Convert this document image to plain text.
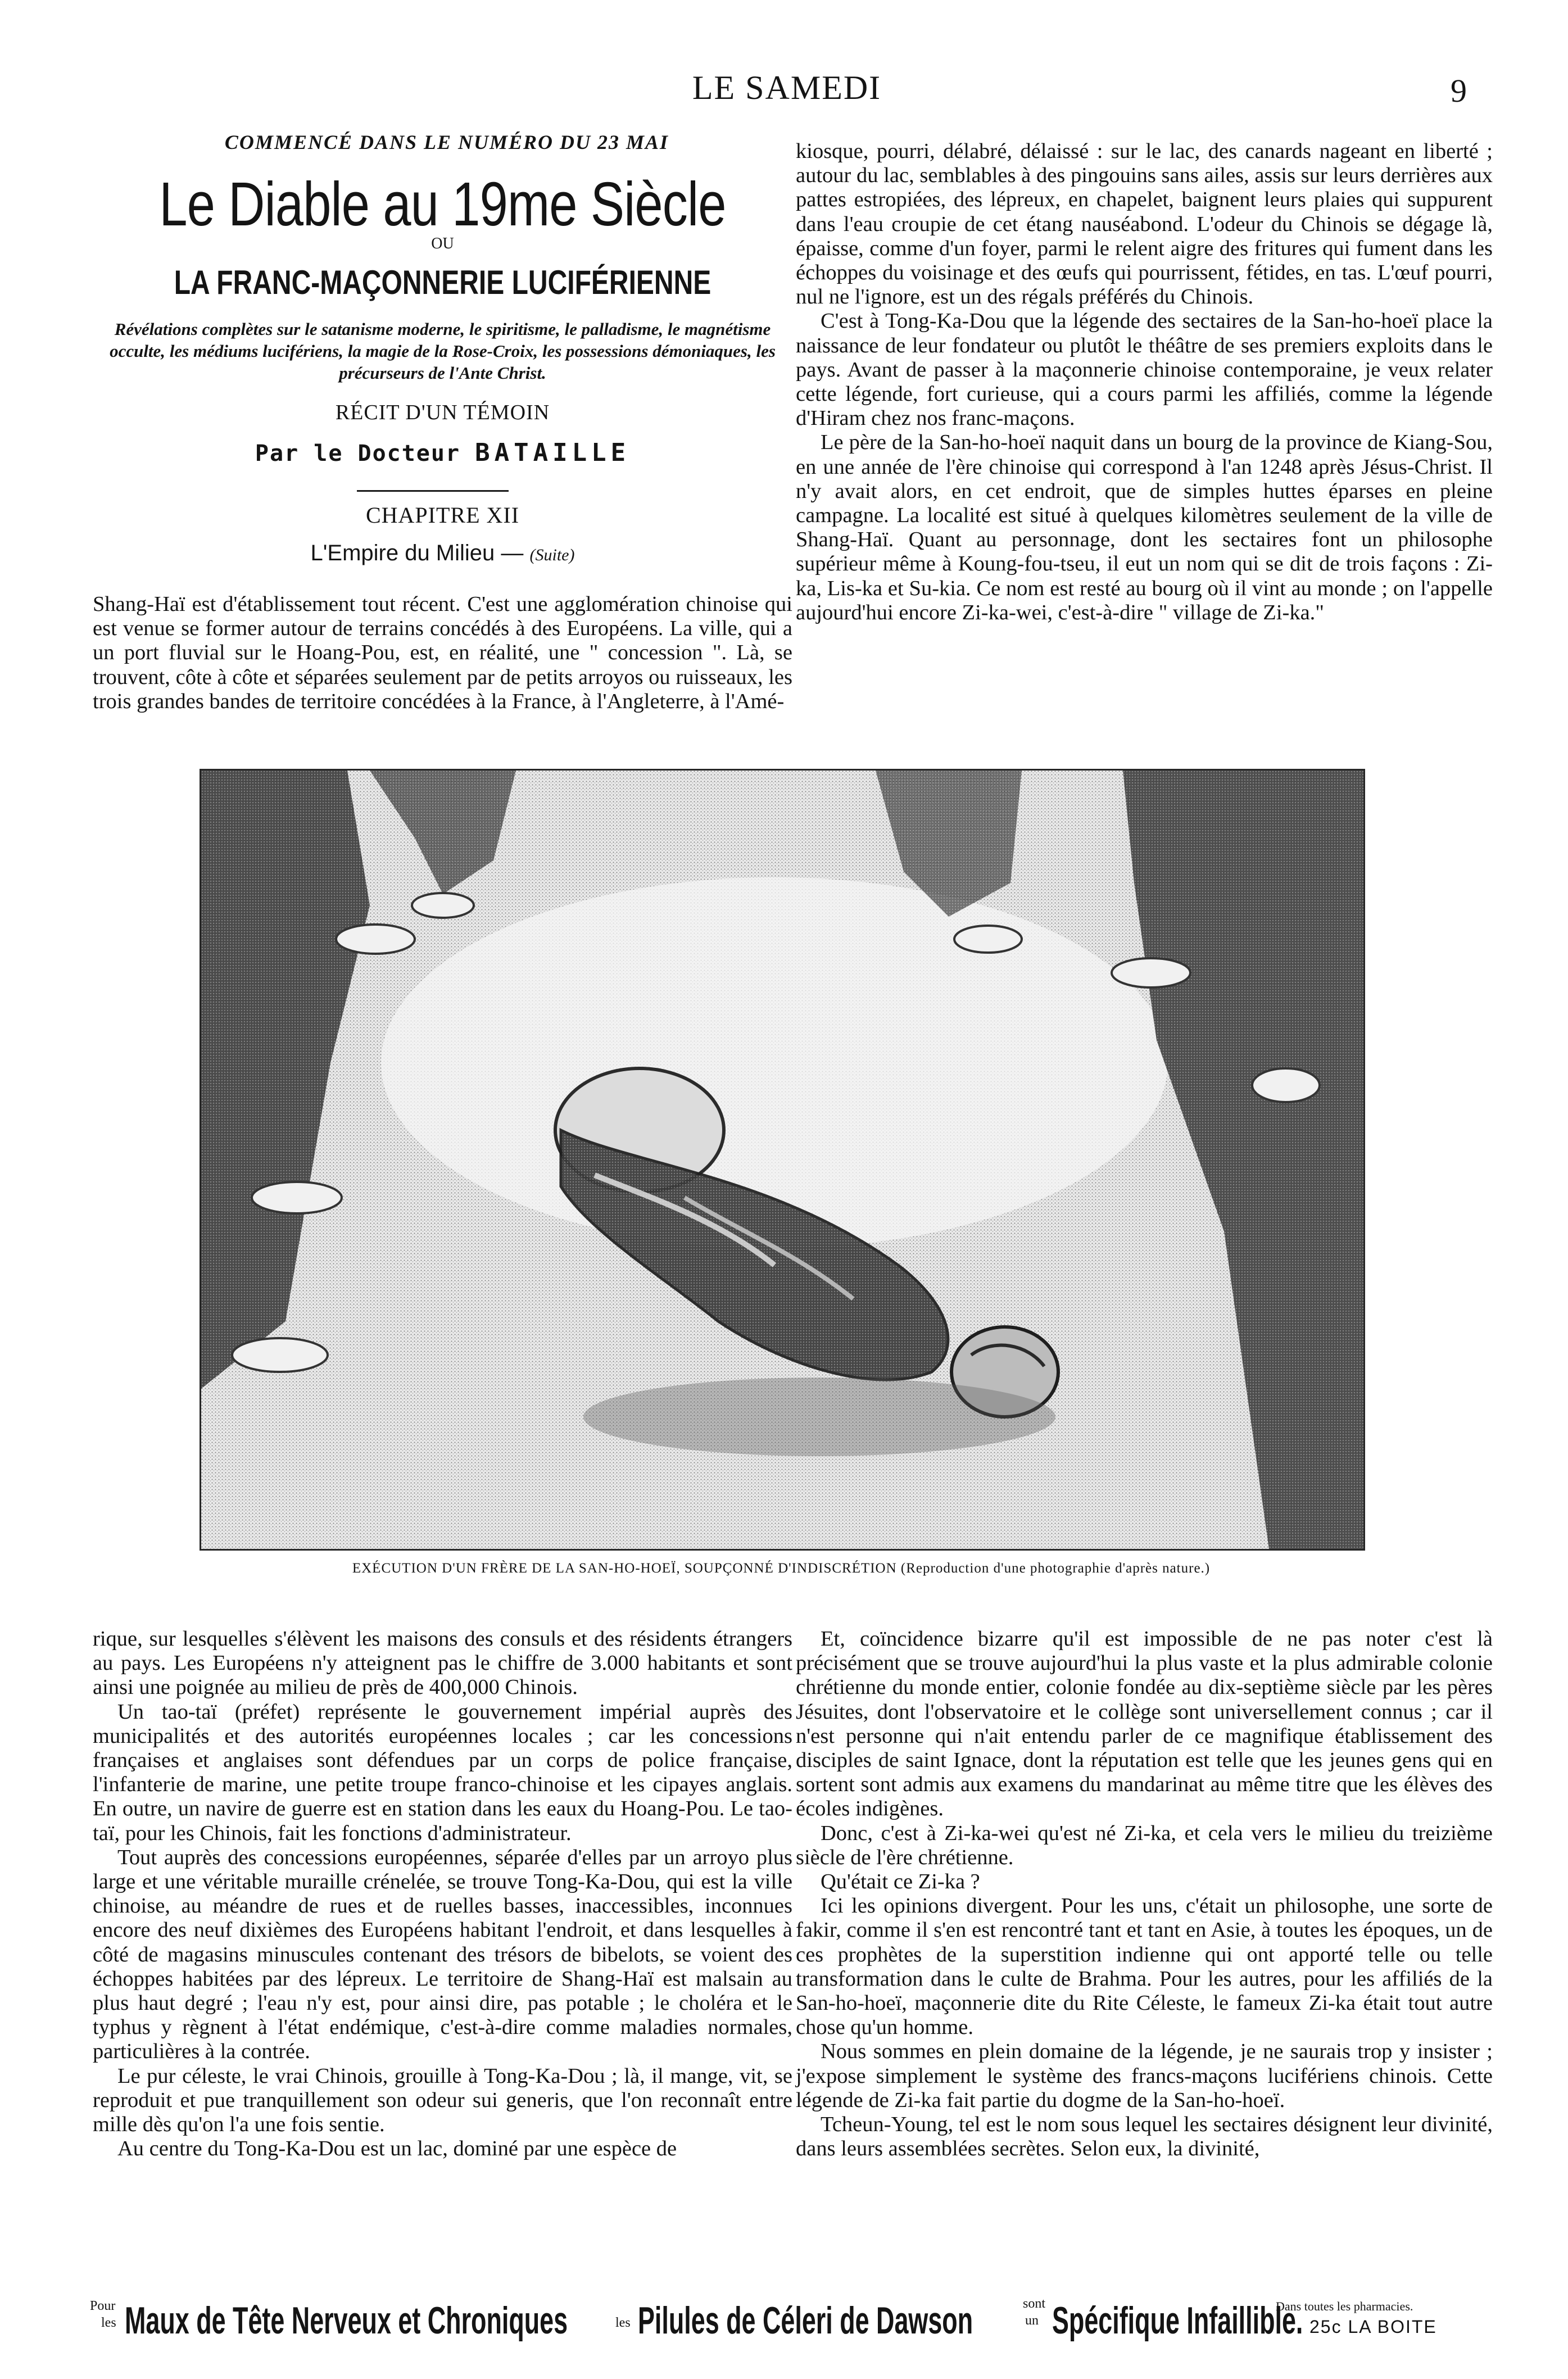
LE SAMEDI	9
COMMENCÉ DANS LE NUMÉRO DU 23 MAI
Le Diable au 19me Siècle
OU
LA FRANC-MAÇONNERIE LUCIFÉRIENNE
Révélations complètes sur le satanisme moderne, le spiritisme, le palladisme, le magnétisme occulte, les médiums lucifériens, la magie de la Rose-Croix, les possessions démoniaques, les précurseurs de l'Ante Christ.
RÉCIT D'UN TÉMOIN
Par le Docteur BATAILLE
CHAPITRE XII
L'Empire du Milieu — (Suite)

Shang-Haï est d'établissement tout récent. C'est une agglomération chinoise qui est venue se former autour de terrains concédés à des Européens. La ville, qui a un port fluvial sur le Hoang-Pou, est, en réalité, une " concession ". Là, se trouvent, côte à côte et séparées seulement par de petits arroyos ou ruisseaux, les trois grandes bandes de territoire concédées à la France, à l'Angleterre, à l'Amé-

kiosque, pourri, délabré, délaissé : sur le lac, des canards nageant en liberté ; autour du lac, semblables à des pingouins sans ailes, assis sur leurs derrières aux pattes estropiées, des lépreux, en chapelet, baignent leurs plaies qui suppurent dans l'eau croupie de cet étang nauséabond. L'odeur du Chinois se dégage là, épaisse, comme d'un foyer, parmi le relent aigre des fritures qui fument dans les échoppes du voisinage et des œufs qui pourrissent, fétides, en tas. L'œuf pourri, nul ne l'ignore, est un des régals préférés du Chinois.

C'est à Tong-Ka-Dou que la légende des sectaires de la San-ho-hoeï place la naissance de leur fondateur ou plutôt le théâtre de ses premiers exploits dans le pays. Avant de passer à la maçonnerie chinoise contemporaine, je veux relater cette légende, fort curieuse, qui a cours parmi les affiliés, comme la légende d'Hiram chez nos franc-maçons.

Le père de la San-ho-hoeï naquit dans un bourg de la province de Kiang-Sou, en une année de l'ère chinoise qui correspond à l'an 1248 après Jésus-Christ. Il n'y avait alors, en cet endroit, que de simples huttes éparses en pleine campagne. La localité est situé à quelques kilomètres seulement de la ville de Shang-Haï. Quant au personnage, dont les sectaires font un philosophe supérieur même à Koung-fou-tseu, il eut un nom qui se dit de trois façons : Zi-ka, Lis-ka et Su-kia. Ce nom est resté au bourg où il vint au monde ; on l'appelle aujourd'hui encore Zi-ka-wei, c'est-à-dire " village de Zi-ka."

EXÉCUTION D'UN FRÈRE DE LA SAN-HO-HOEÏ, SOUPÇONNÉ D'INDISCRÉTION (Reproduction d'une photographie d'après nature.)

rique, sur lesquelles s'élèvent les maisons des consuls et des résidents étrangers au pays. Les Européens n'y atteignent pas le chiffre de 3.000 habitants et sont ainsi une poignée au milieu de près de 400,000 Chinois.

Un tao-taï (préfet) représente le gouvernement impérial auprès des municipalités et des autorités européennes locales ; car les concessions françaises et anglaises sont défendues par un corps de police française, l'infanterie de marine, une petite troupe franco-chinoise et les cipayes anglais. En outre, un navire de guerre est en station dans les eaux du Hoang-Pou. Le tao-taï, pour les Chinois, fait les fonctions d'administrateur.

Tout auprès des concessions européennes, séparée d'elles par un arroyo plus large et une véritable muraille crénelée, se trouve Tong-Ka-Dou, qui est la ville chinoise, au méandre de rues et de ruelles basses, inaccessibles, inconnues encore des neuf dixièmes des Européens habitant l'endroit, et dans lesquelles à côté de magasins minuscules contenant des trésors de bibelots, se voient des échoppes habitées par des lépreux. Le territoire de Shang-Haï est malsain au plus haut degré ; l'eau n'y est, pour ainsi dire, pas potable ; le choléra et le typhus y règnent à l'état endémique, c'est-à-dire comme maladies normales, particulières à la contrée.

Le pur céleste, le vrai Chinois, grouille à Tong-Ka-Dou ; là, il mange, vit, se reproduit et pue tranquillement son odeur sui generis, que l'on reconnaît entre mille dès qu'on l'a une fois sentie.

Au centre du Tong-Ka-Dou est un lac, dominé par une espèce de

Et, coïncidence bizarre qu'il est impossible de ne pas noter c'est là précisément que se trouve aujourd'hui la plus vaste et la plus admirable colonie chrétienne du monde entier, colonie fondée au dix-septième siècle par les pères Jésuites, dont l'observatoire et le collège sont universellement connus ; car il n'est personne qui n'ait entendu parler de ce magnifique établissement des disciples de saint Ignace, dont la réputation est telle que les jeunes gens qui en sortent sont admis aux examens du mandarinat au même titre que les élèves des écoles indigènes.

Donc, c'est à Zi-ka-wei qu'est né Zi-ka, et cela vers le milieu du treizième siècle de l'ère chrétienne.

Qu'était ce Zi-ka ?

Ici les opinions divergent. Pour les uns, c'était un philosophe, une sorte de fakir, comme il s'en est rencontré tant et tant en Asie, à toutes les époques, un de ces prophètes de la superstition indienne qui ont apporté telle ou telle transformation dans le culte de Brahma. Pour les autres, pour les affiliés de la San-ho-hoeï, maçonnerie dite du Rite Céleste, le fameux Zi-ka était tout autre chose qu'un homme.

Nous sommes en plein domaine de la légende, je ne saurais trop y insister ; j'expose simplement le système des francs-maçons lucifériens chinois. Cette légende de Zi-ka fait partie du dogme de la San-ho-hoeï.

Tcheun-Young, tel est le nom sous lequel les sectaires désignent leur divinité, dans leurs assemblées secrètes. Selon eux, la divinité,

Pour
les Maux de Tête Nerveux et Chroniques	les Pilules de Céleri de Dawson	sont
un Spécifique Infaillible.
Dans toutes les pharmacies.
25c LA BOITE
